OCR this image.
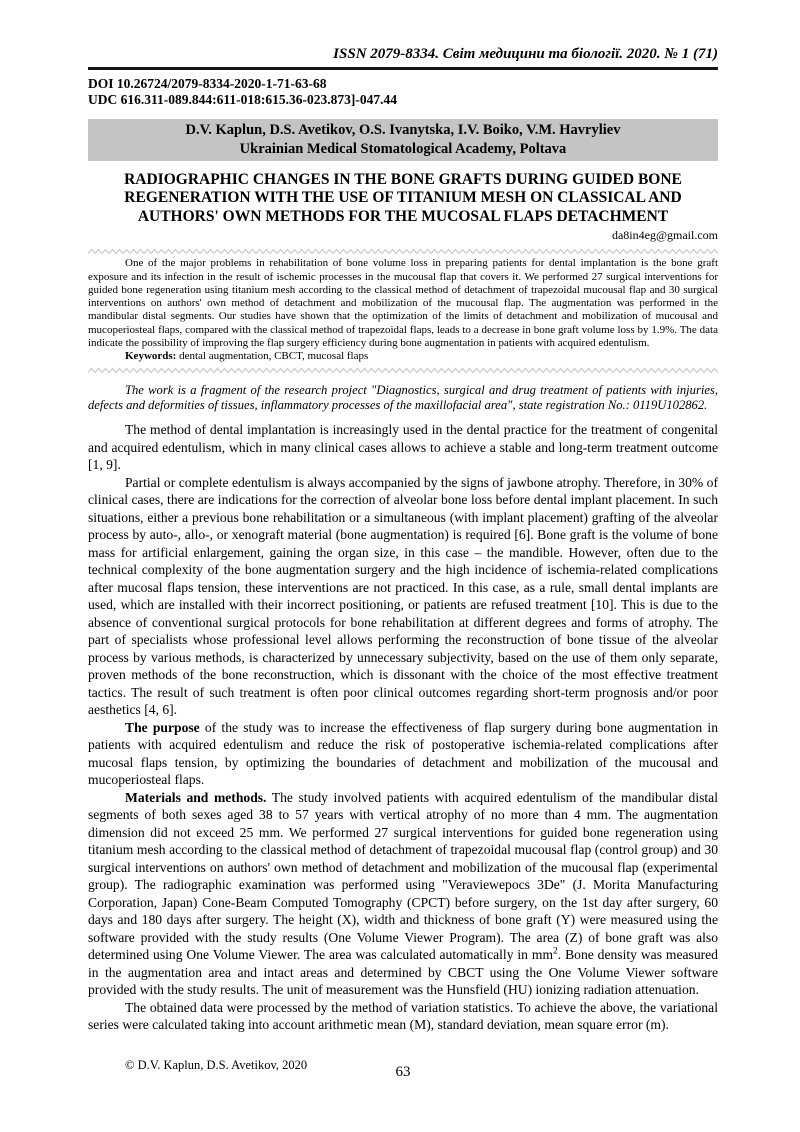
ISSN 2079-8334. Світ медицини та біології. 2020. № 1 (71)
DOI 10.26724/2079-8334-2020-1-71-63-68
UDC 616.311-089.844:611-018:615.36-023.873]-047.44
D.V. Kaplun, D.S. Avetikov, O.S. Ivanytska, I.V. Boiko, V.M. Havryliev
Ukrainian Medical Stomatological Academy, Poltava
RADIOGRAPHIC CHANGES IN THE BONE GRAFTS DURING GUIDED BONE REGENERATION WITH THE USE OF TITANIUM MESH ON CLASSICAL AND AUTHORS' OWN METHODS FOR THE MUCOSAL FLAPS DETACHMENT
da8in4eg@gmail.com

One of the major problems in rehabilitation of bone volume loss in preparing patients for dental implantation is the bone graft exposure and its infection in the result of ischemic processes in the mucousal flap that covers it. We performed 27 surgical interventions for guided bone regeneration using titanium mesh according to the classical method of detachment of trapezoidal mucousal flap and 30 surgical interventions on authors' own method of detachment and mobilization of the mucousal flap. The augmentation was performed in the mandibular distal segments. Our studies have shown that the optimization of the limits of detachment and mobilization of mucousal and mucoperiosteal flaps, compared with the classical method of trapezoidal flaps, leads to a decrease in bone graft volume loss by 1.9%. The data indicate the possibility of improving the flap surgery efficiency during bone augmentation in patients with acquired edentulism.

Keywords: dental augmentation, CBCT, mucosal flaps

The work is a fragment of the research project "Diagnostics, surgical and drug treatment of patients with injuries, defects and deformities of tissues, inflammatory processes of the maxillofacial area", state registration No.: 0119U102862.

The method of dental implantation is increasingly used in the dental practice for the treatment of congenital and acquired edentulism, which in many clinical cases allows to achieve a stable and long-term treatment outcome [1, 9].

Partial or complete edentulism is always accompanied by the signs of jawbone atrophy. Therefore, in 30% of clinical cases, there are indications for the correction of alveolar bone loss before dental implant placement. In such situations, either a previous bone rehabilitation or a simultaneous (with implant placement) grafting of the alveolar process by auto-, allo-, or xenograft material (bone augmentation) is required [6]. Bone graft is the volume of bone mass for artificial enlargement, gaining the organ size, in this case – the mandible. However, often due to the technical complexity of the bone augmentation surgery and the high incidence of ischemia-related complications after mucosal flaps tension, these interventions are not practiced. In this case, as a rule, small dental implants are used, which are installed with their incorrect positioning, or patients are refused treatment [10]. This is due to the absence of conventional surgical protocols for bone rehabilitation at different degrees and forms of atrophy. The part of specialists whose professional level allows performing the reconstruction of bone tissue of the alveolar process by various methods, is characterized by unnecessary subjectivity, based on the use of them only separate, proven methods of the bone reconstruction, which is dissonant with the choice of the most effective treatment tactics. The result of such treatment is often poor clinical outcomes regarding short-term prognosis and/or poor aesthetics [4, 6].

The purpose of the study was to increase the effectiveness of flap surgery during bone augmentation in patients with acquired edentulism and reduce the risk of postoperative ischemia-related complications after mucosal flaps tension, by optimizing the boundaries of detachment and mobilization of the mucousal and mucoperiosteal flaps.

Materials and methods. The study involved patients with acquired edentulism of the mandibular distal segments of both sexes aged 38 to 57 years with vertical atrophy of no more than 4 mm. The augmentation dimension did not exceed 25 mm. We performed 27 surgical interventions for guided bone regeneration using titanium mesh according to the classical method of detachment of trapezoidal mucousal flap (control group) and 30 surgical interventions on authors' own method of detachment and mobilization of the mucousal flap (experimental group). The radiographic examination was performed using "Veraviewepocs 3De" (J. Morita Manufacturing Corporation, Japan) Cone-Beam Computed Tomography (CPCT) before surgery, on the 1st day after surgery, 60 days and 180 days after surgery. The height (X), width and thickness of bone graft (Y) were measured using the software provided with the study results (One Volume Viewer Program). The area (Z) of bone graft was also determined using One Volume Viewer. The area was calculated automatically in $mm^2$. Bone density was measured in the augmentation area and intact areas and determined by CBCT using the One Volume Viewer software provided with the study results. The unit of measurement was the Hunsfield (HU) ionizing radiation attenuation.

The obtained data were processed by the method of variation statistics. To achieve the above, the variational series were calculated taking into account arithmetic mean (M), standard deviation, mean square error (m).

© D.V. Kaplun, D.S. Avetikov, 2020	63
